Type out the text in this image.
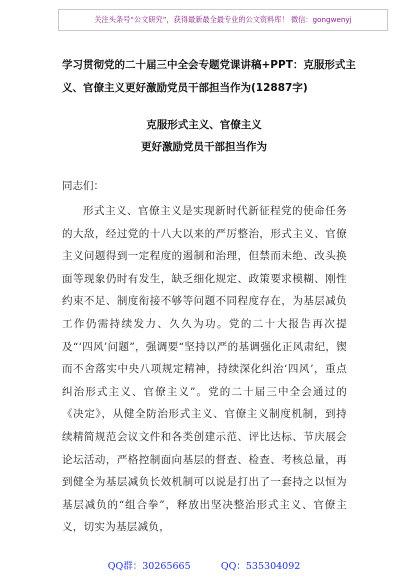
关注头条号“公文研究”，获得最新最全最专业的公文资料库！ 微信：gongwenyj
学习贯彻党的二十届三中全会专题党课讲稿+PPT：克服形式主义、官僚主义更好激励党员干部担当作为(12887字)
克服形式主义、官僚主义
更好激励党员干部担当作为
同志们：
形式主义、官僚主义是实现新时代新征程党的使命任务的大敌，经过党的十八大以来的严厉整治，形式主义、官僚主义问题得到一定程度的遏制和治理，但禁而未绝、改头换面等现象仍时有发生，缺乏细化规定、政策要求模糊、刚性约束不足、制度衔接不够等问题不同程度存在，为基层减负工作仍需持续发力、久久为功。党的二十大报告再次提及“‘四风’问题”，强调要“坚持以严的基调强化正风肃纪，锲而不舍落实中央八项规定精神，持续深化纠治‘四风’，重点纠治形式主义、官僚主义”。党的二十届三中全会通过的《决定》，从健全防治形式主义、官僚主义制度机制，到持续精简规范会议文件和各类创建示范、评比达标、节庆展会论坛活动，严格控制面向基层的督查、检查、考核总量，再到健全为基层减负长效机制可以说是打出了一套持之以恒为基层减负的“组合拳”，释放出坚决整治形式主义、官僚主义，切实为基层减负，
QQ群：30265665          QQ：535304092
